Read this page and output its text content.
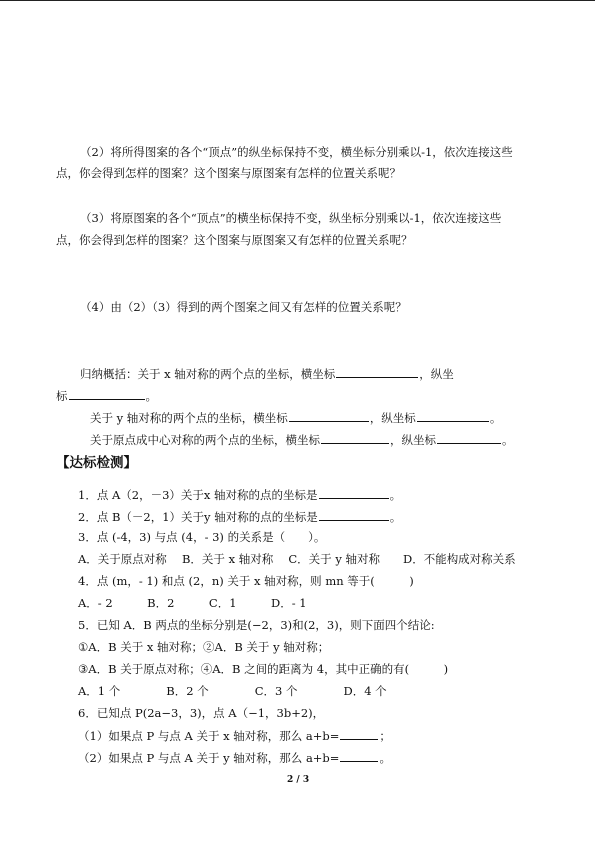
（2）将所得图案的各个“顶点”的纵坐标保持不变，横坐标分别乘以-1，依次连接这些

点，你会得到怎样的图案？这个图案与原图案有怎样的位置关系呢？

（3）将原图案的各个“顶点”的横坐标保持不变，纵坐标分别乘以-1，依次连接这些

点，你会得到怎样的图案？这个图案与原图案又有怎样的位置关系呢？

（4）由（2）（3）得到的两个图案之间又有怎样的位置关系呢？

归纳概括：关于 x 轴对称的两个点的坐标，横坐标	，纵坐

标	。

关于 y 轴对称的两个点的坐标，横坐标	，纵坐标	。

关于原点成中心对称的两个点的坐标，横坐标	，纵坐标	。

【达标检测】

1．点 A（2，－3）关于x 轴对称的点的坐标是	。

2．点 B（－2，1）关于y 轴对称的点的坐标是	。

3．点 (-4，3) 与点 (4，- 3) 的关系是（　　）。

A．关于原点对称　 B．关于 x 轴对称　 C．关于 y 轴对称　　D．不能构成对称关系

4．点 (m，- 1) 和点 (2，n) 关于 x 轴对称，则 mn 等于(　　　)

A．- 2　　　B．2　　　C．1　　　D．- 1

5．已知 A．B 两点的坐标分别是(−2，3)和(2，3)，则下面四个结论:

①A．B 关于 x 轴对称；②A．B 关于 y 轴对称；

③A．B 关于原点对称；④A．B 之间的距离为 4，其中正确的有(　　　)

A．1 个　　　　B．2 个　　　　C．3 个　　　　D．4 个

6．已知点 P(2a−3，3)，点 A（−1，3b+2)，

（1）如果点 P 与点 A 关于 x 轴对称，那么 a+b=	；

（2）如果点 P 与点 A 关于 y 轴对称，那么 a+b=	。

2 / 3
